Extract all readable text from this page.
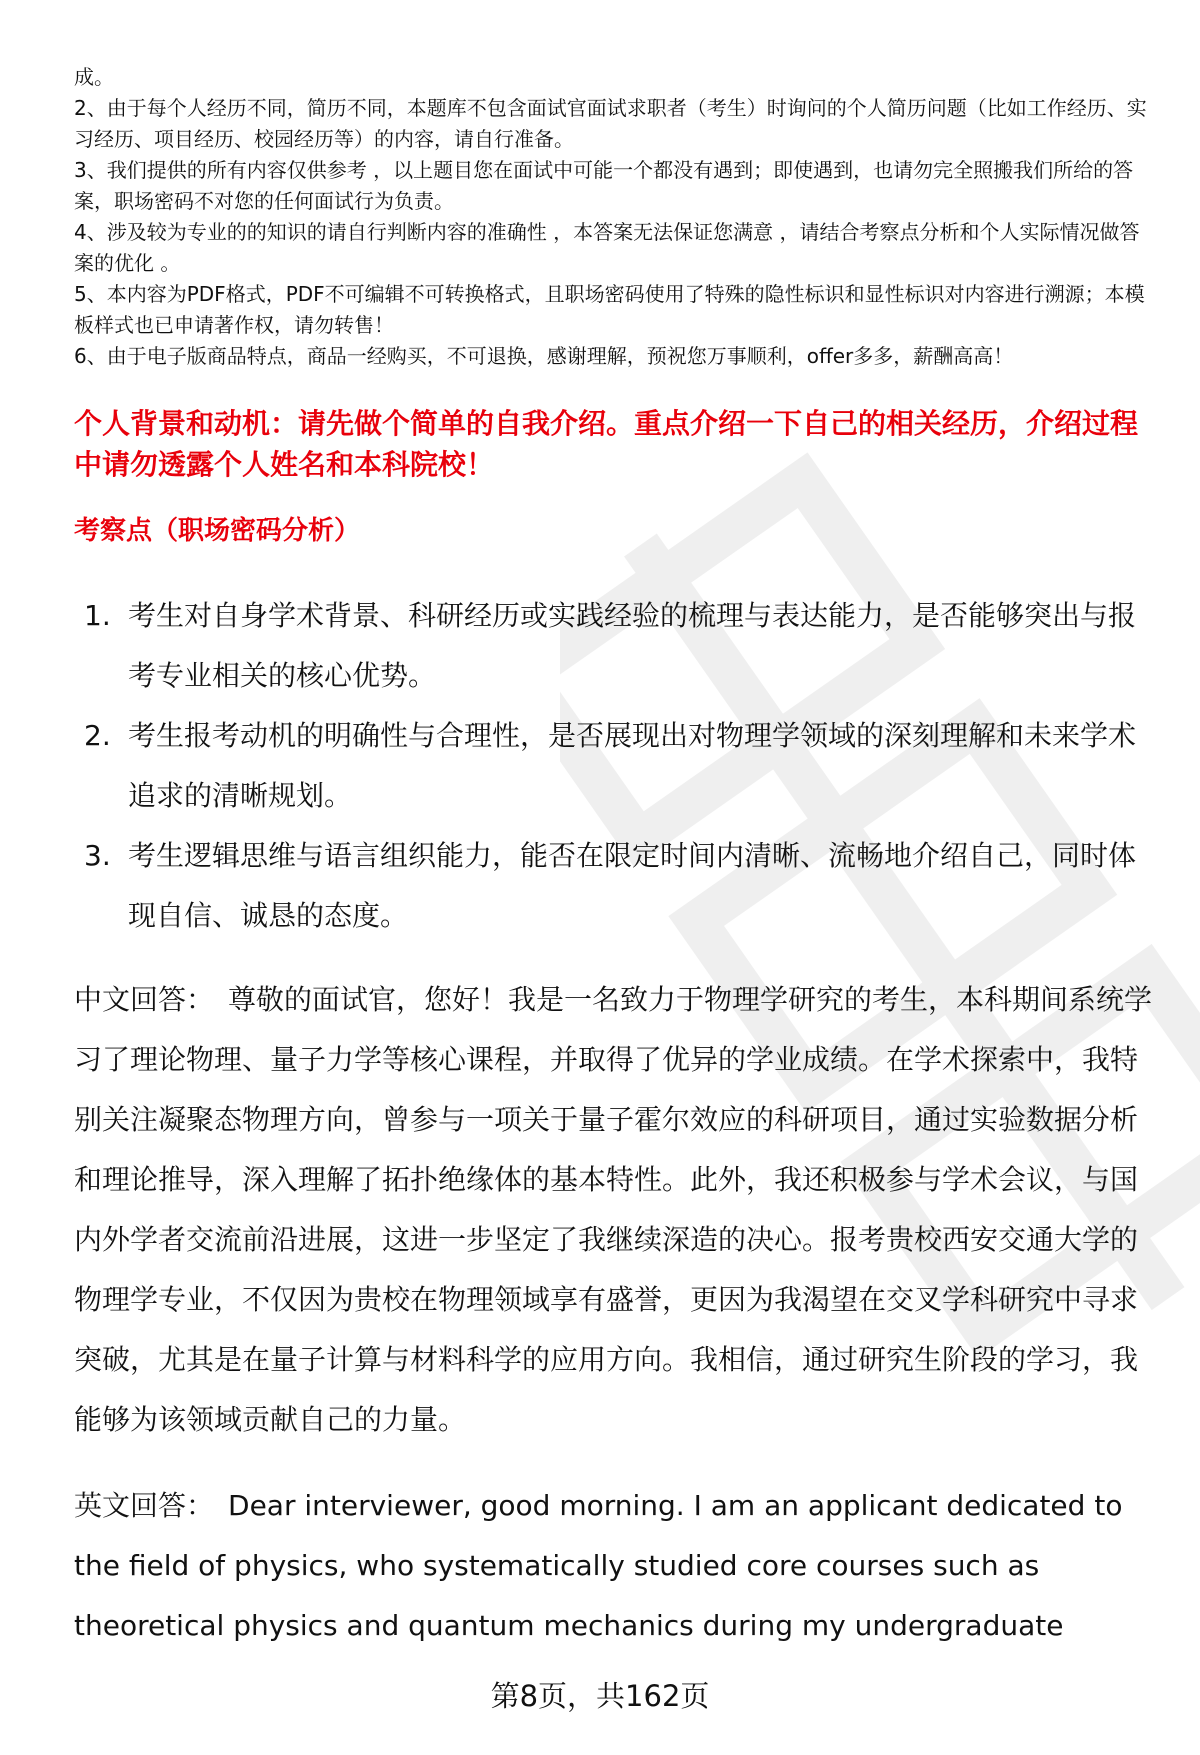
成。

2、由于每个人经历不同，简历不同，本题库不包含面试官面试求职者（考生）时询问的个人简历问题（比如工作经历、实习经历、项目经历、校园经历等）的内容，请自行准备。

3、我们提供的所有内容仅供参考 ，以上题目您在面试中可能一个都没有遇到；即使遇到，也请勿完全照搬我们所给的答案，职场密码不对您的任何面试行为负责。

4、涉及较为专业的的知识的请自行判断内容的准确性 ，本答案无法保证您满意 ，请结合考察点分析和个人实际情况做答案的优化 。

5、本内容为PDF格式，PDF不可编辑不可转换格式，且职场密码使用了特殊的隐性标识和显性标识对内容进行溯源；本模板样式也已申请著作权，请勿转售！

6、由于电子版商品特点，商品一经购买，不可退换，感谢理解，预祝您万事顺利，offer多多，薪酬高高！

个人背景和动机：请先做个简单的自我介绍。重点介绍一下自己的相关经历，介绍过程中请勿透露个人姓名和本科院校！

考察点（职场密码分析）

1. 考生对自身学术背景、科研经历或实践经验的梳理与表达能力，是否能够突出与报考专业相关的核心优势。
2. 考生报考动机的明确性与合理性，是否展现出对物理学领域的深刻理解和未来学术追求的清晰规划。
3. 考生逻辑思维与语言组织能力，能否在限定时间内清晰、流畅地介绍自己，同时体现自信、诚恳的态度。

中文回答： 尊敬的面试官，您好！我是一名致力于物理学研究的考生，本科期间系统学习了理论物理、量子力学等核心课程，并取得了优异的学业成绩。在学术探索中，我特别关注凝聚态物理方向，曾参与一项关于量子霍尔效应的科研项目，通过实验数据分析和理论推导，深入理解了拓扑绝缘体的基本特性。此外，我还积极参与学术会议，与国内外学者交流前沿进展，这进一步坚定了我继续深造的决心。报考贵校西安交通大学的物理学专业，不仅因为贵校在物理领域享有盛誉，更因为我渴望在交叉学科研究中寻求突破，尤其是在量子计算与材料科学的应用方向。我相信，通过研究生阶段的学习，我能够为该领域贡献自己的力量。

英文回答： Dear interviewer, good morning. I am an applicant dedicated to the field of physics, who systematically studied core courses such as theoretical physics and quantum mechanics during my undergraduate

第8页，共162页
